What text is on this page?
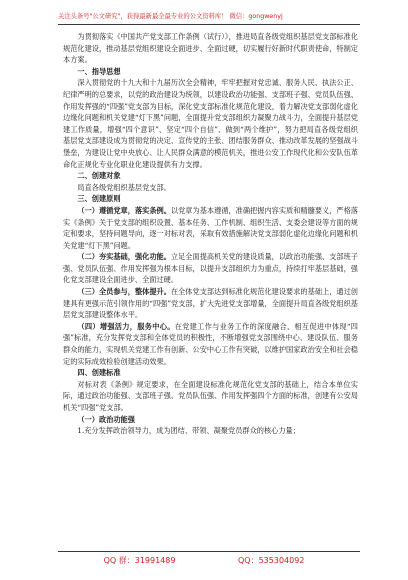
关注头条号"公文研究"，获得最新最全最专业的公文资料库！ 微信：gongwenyj

为贯彻落实《中国共产党支部工作条例（试行）》，推进局直各级党组织基层党支部标准化规范化建设，推动基层党组织建设全面进步、全面过硬，切实履行好新时代职责使命，特制定本方案。

一、指导思想

深入贯彻党的十九大和十九届历次全会精神，牢牢把握对党忠诚、服务人民、执法公正、纪律严明的总要求，以党的政治建设为统领，以建设政治功能强、支部班子强、党员队伍强、作用发挥强的“四强”党支部为目标，深化党支部标准化规范化建设，着力解决党支部弱化虚化边缘化问题和机关党建“灯下黑”问题，全面提升党支部组织力凝聚力战斗力，全面提升基层党建工作质量，增强“四个意识”、坚定“四个自信”、做到“两个维护”，努力把局直各级党组织基层党支部建设成为贯彻党的决定、宣传党的主张、团结服务群众、推动改革发展的坚强战斗堡垒，为建设让党中央放心、让人民群众满意的模范机关，推进公安工作现代化和公安队伍革命化正规化专业化职业化建设提供有力支撑。

二、创建对象

局直各级党组织基层党支部。

三、创建原则

（一）遵循党章，落实条例。以党章为基本遵循，准确把握内容实质和精髓要义，严格落实《条例》关于党支部的组织设置、基本任务、工作机制、组织生活、支委会建设等方面的规定和要求，坚持问题导向，逐一对标对表，采取有效措施解决党支部弱化虚化边缘化问题和机关党建“灯下黑”问题。

（二）夯实基础，强化功能。立足全面提高机关党的建设质量，以政治功能强、支部班子强、党员队伍强、作用发挥强为根本目标，以提升支部组织力为重点，持续打牢基层基础，强化党支部建设全面进步、全面过硬。

（三）全员参与，整体提升。在全体党支部达到标准化规范化建设要求的基础上，通过创建具有更强示范引领作用的“四强”党支部，扩大先进党支部增量，全面提升局直各级党组织基层党支部建设整体水平。

（四）增强活力，服务中心。在党建工作与业务工作的深度融合、相互促进中体现“四强”标准，充分发挥党支部和全体党员的积极性，不断增强党支部围绕中心、建设队伍、服务群众的能力，实现机关党建工作有创新、公安中心工作有突破，以维护国家政治安全和社会稳定的实际成效检验创建活动效果。

四、创建标准

对标对表《条例》规定要求，在全面建设标准化规范化党支部的基础上，结合本单位实际，通过政治功能强、支部班子强、党员队伍强、作用发挥强四个方面的标准，创建有公安局机关“四强”党支部。

（一）政治功能强

1.充分发挥政治领导力，成为团结、带领、凝聚党员群众的核心力量；

QQ 群：31991489	QQ：535304092
